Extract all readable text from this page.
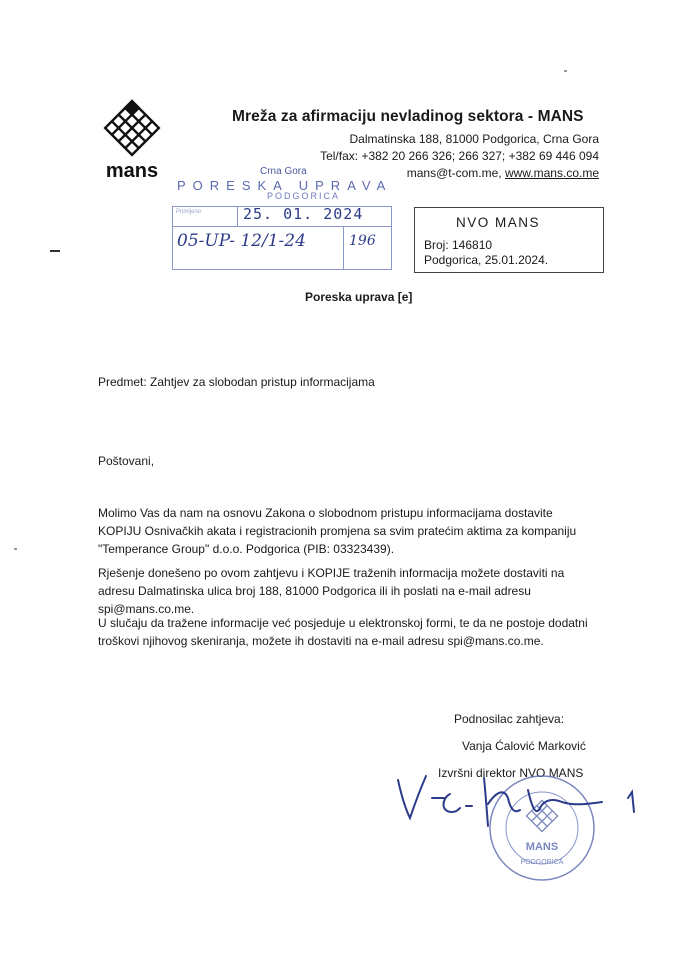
mans
Mreža za afirmaciju nevladinog sektora - MANS
Dalmatinska 188, 81000 Podgorica, Crna Gora
Tel/fax: +382 20 266 326; 266 327; +382 69 446 094
mans@t-com.me, www.mans.co.me
Crna Gora
PORESKA UPRAVA
PODGORICA
Primljeno	25. 01. 2024
05-UP- 12/1-24	196
NVO MANS
Broj: 146810
Podgorica, 25.01.2024.
Poreska uprava [e]
Predmet: Zahtjev za slobodan pristup informacijama
Poštovani,
Molimo Vas da nam na osnovu Zakona o slobodnom pristupu informacijama dostavite KOPIJU Osnivačkih akata i registracionih promjena sa svim pratećim aktima za kompaniju "Temperance Group" d.o.o. Podgorica (PIB: 03323439).
Rješenje donešeno po ovom zahtjevu i KOPIJE traženih informacija možete dostaviti na adresu Dalmatinska ulica broj 188, 81000 Podgorica ili ih poslati na e-mail adresu spi@mans.co.me.
U slučaju da tražene informacije već posjeduje u elektronskoj formi, te da ne postoje dodatni troškovi njihovog skeniranja, možete ih dostaviti na e-mail adresu spi@mans.co.me.
Podnosilac zahtjeva:
Vanja Ćalović Marković
Izvršni direktor NVO MANS
MANS
PODGORICA
